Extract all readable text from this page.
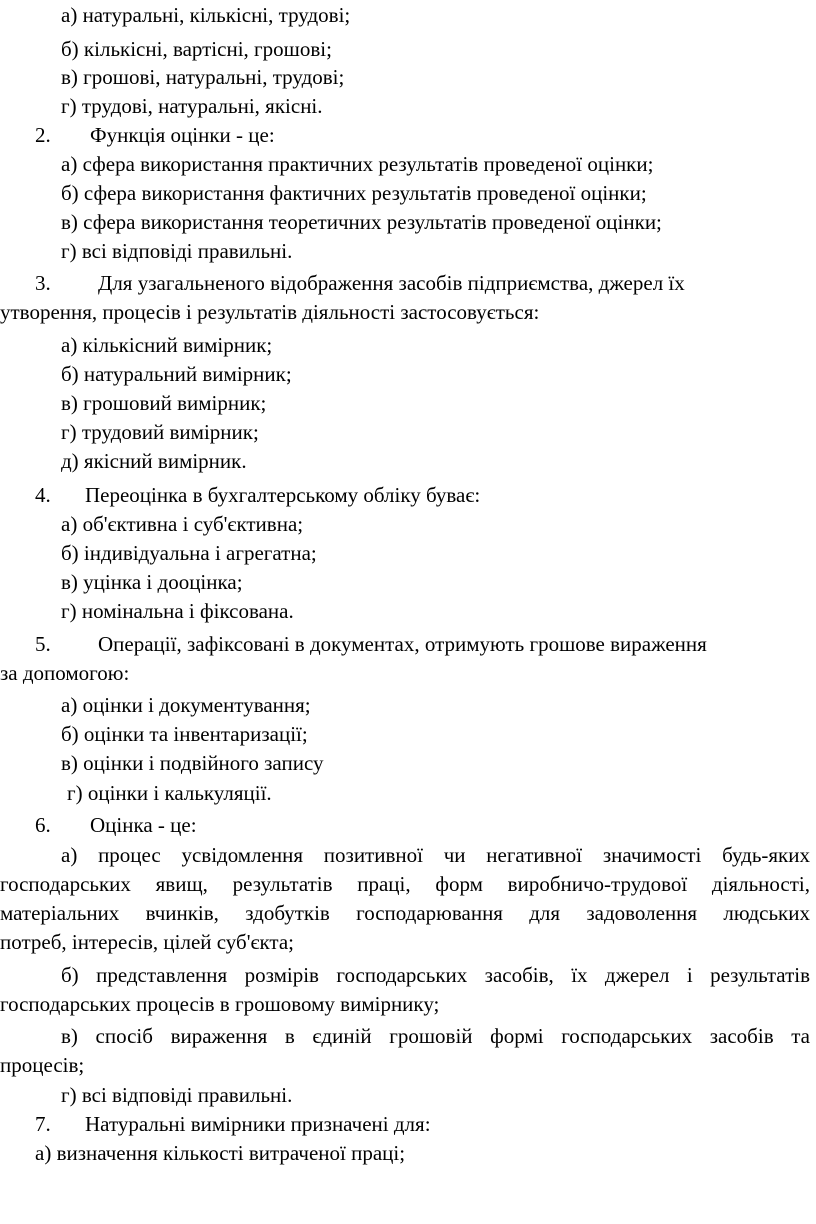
а) натуральні, кількісні, трудові;
б) кількісні, вартісні, грошові;
в) грошові, натуральні, трудові;
г) трудові, натуральні, якісні.
2. Функція оцінки - це:
а) сфера використання практичних результатів проведеної оцінки;
б) сфера використання фактичних результатів проведеної оцінки;
в) сфера використання теоретичних результатів проведеної оцінки;
г) всі відповіді правильні.
3. Для узагальненого відображення засобів підприємства, джерел їх
утворення, процесів і результатів діяльності застосовується:
а) кількісний вимірник;
б) натуральний вимірник;
в) грошовий вимірник;
г) трудовий вимірник;
д) якісний вимірник.
4. Переоцінка в бухгалтерському обліку буває:
а) об'єктивна і суб'єктивна;
б) індивідуальна і агрегатна;
в) уцінка і дооцінка;
г) номінальна і фіксована.
5. Операції, зафіксовані в документах, отримують грошове вираження
за допомогою:
а) оцінки і документування;
б) оцінки та інвентаризації;
в) оцінки і подвійного запису
г) оцінки і калькуляції.
6. Оцінка - це:
а) процес усвідомлення позитивної чи негативної значимості будь-яких
господарських явищ, результатів праці, форм виробничо-трудової діяльності,
матеріальних вчинків, здобутків господарювання для задоволення людських
потреб, інтересів, цілей суб'єкта;
б) представлення розмірів господарських засобів, їх джерел і результатів
господарських процесів в грошовому вимірнику;
в) спосіб вираження в єдиній грошовій формі господарських засобів та
процесів;
г) всі відповіді правильні.
7. Натуральні вимірники призначені для:
а) визначення кількості витраченої праці;
